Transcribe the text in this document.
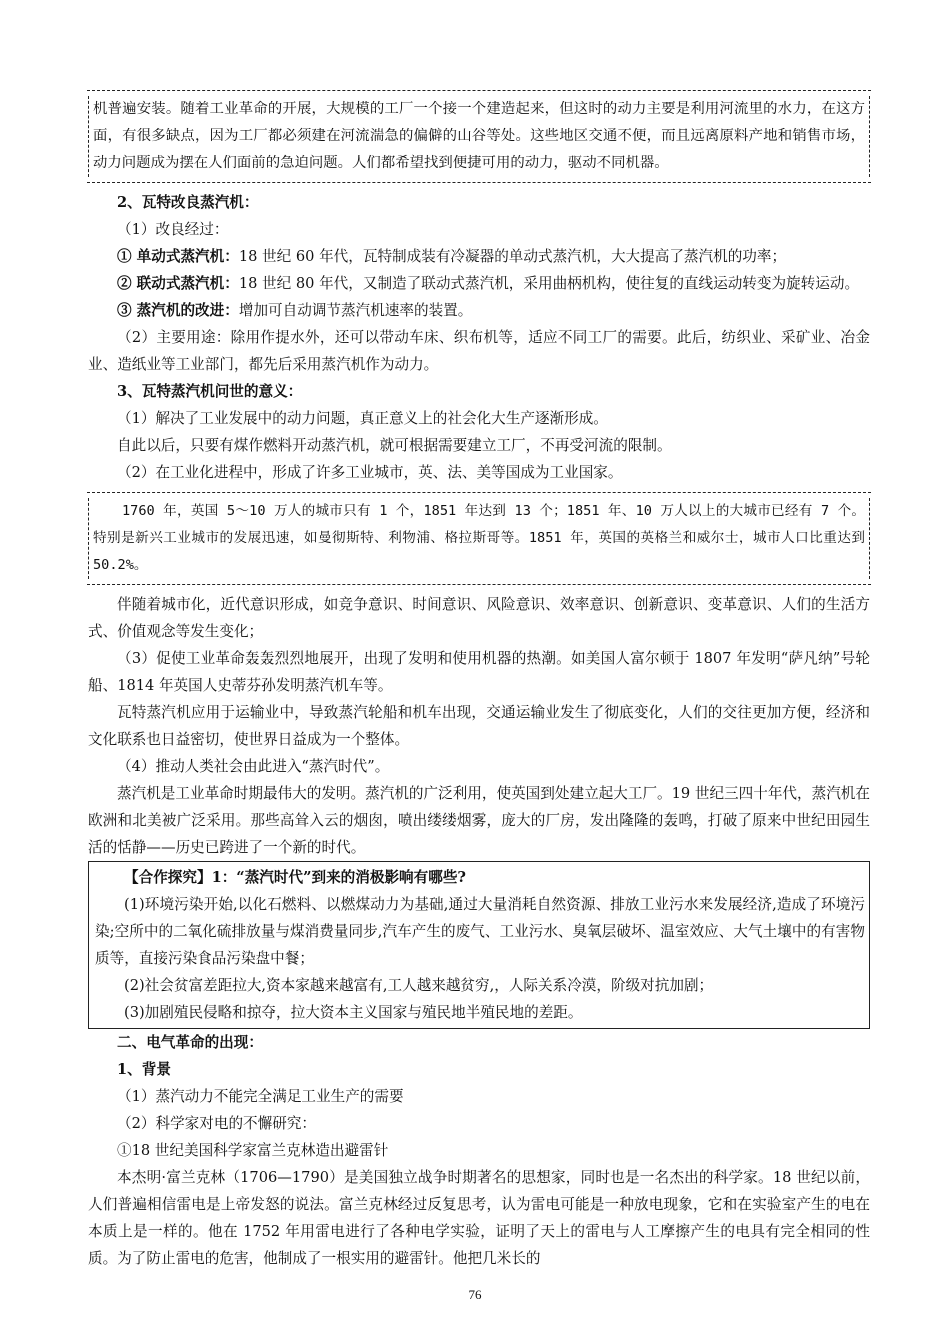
机普遍安装。随着工业革命的开展，大规模的工厂一个接一个建造起来，但这时的动力主要是利用河流里的水力，在这方面，有很多缺点，因为工厂都必须建在河流湍急的偏僻的山谷等处。这些地区交通不便，而且远离原料产地和销售市场，动力问题成为摆在人们面前的急迫问题。人们都希望找到便捷可用的动力，驱动不同机器。

2、瓦特改良蒸汽机：

（1）改良经过：

① 单动式蒸汽机：18 世纪 60 年代，瓦特制成装有冷凝器的单动式蒸汽机，大大提高了蒸汽机的功率；

② 联动式蒸汽机：18 世纪 80 年代，又制造了联动式蒸汽机，采用曲柄机构，使往复的直线运动转变为旋转运动。

③ 蒸汽机的改进：增加可自动调节蒸汽机速率的装置。

（2）主要用途：除用作提水外，还可以带动车床、织布机等，适应不同工厂的需要。此后，纺织业、采矿业、冶金业、造纸业等工业部门，都先后采用蒸汽机作为动力。

3、瓦特蒸汽机问世的意义：

（1）解决了工业发展中的动力问题，真正意义上的社会化大生产逐渐形成。

自此以后，只要有煤作燃料开动蒸汽机，就可根据需要建立工厂，不再受河流的限制。

（2）在工业化进程中，形成了许多工业城市，英、法、美等国成为工业国家。

1760 年，英国 5～10 万人的城市只有 1 个，1851 年达到 13 个；1851 年、10 万人以上的大城市已经有 7 个。特别是新兴工业城市的发展迅速，如曼彻斯特、利物浦、格拉斯哥等。1851 年，英国的英格兰和威尔士，城市人口比重达到 50.2%。

伴随着城市化，近代意识形成，如竞争意识、时间意识、风险意识、效率意识、创新意识、变革意识、人们的生活方式、价值观念等发生变化；

（3）促使工业革命轰轰烈烈地展开，出现了发明和使用机器的热潮。如美国人富尔顿于 1807 年发明“萨凡纳”号轮船、1814 年英国人史蒂芬孙发明蒸汽机车等。

瓦特蒸汽机应用于运输业中，导致蒸汽轮船和机车出现，交通运输业发生了彻底变化，人们的交往更加方便，经济和文化联系也日益密切，使世界日益成为一个整体。

（4）推动人类社会由此进入“蒸汽时代”。

蒸汽机是工业革命时期最伟大的发明。蒸汽机的广泛利用，使英国到处建立起大工厂。19 世纪三四十年代，蒸汽机在欧洲和北美被广泛采用。那些高耸入云的烟囱，喷出缕缕烟雾，庞大的厂房，发出隆隆的轰鸣，打破了原来中世纪田园生活的恬静——历史已跨进了一个新的时代。

【合作探究】1：“蒸汽时代”到来的消极影响有哪些?

(1)环境污染开始,以化石燃料、以燃煤动力为基础,通过大量消耗自然资源、排放工业污水来发展经济,造成了环境污染;空所中的二氧化硫排放量与煤消费量同步,汽车产生的废气、工业污水、臭氧层破坏、温室效应、大气土壤中的有害物质等，直接污染食品污染盘中餐；

(2)社会贫富差距拉大,资本家越来越富有,工人越来越贫穷,，人际关系冷漠，阶级对抗加剧；

(3)加剧殖民侵略和掠夺，拉大资本主义国家与殖民地半殖民地的差距。

二、电气革命的出现：

1、背景

（1）蒸汽动力不能完全满足工业生产的需要

（2）科学家对电的不懈研究：

①18 世纪美国科学家富兰克林造出避雷针

本杰明·富兰克林（1706—1790）是美国独立战争时期著名的思想家，同时也是一名杰出的科学家。18 世纪以前，人们普遍相信雷电是上帝发怒的说法。富兰克林经过反复思考，认为雷电可能是一种放电现象，它和在实验室产生的电在本质上是一样的。他在 1752 年用雷电进行了各种电学实验，证明了天上的雷电与人工摩擦产生的电具有完全相同的性质。为了防止雷电的危害，他制成了一根实用的避雷针。他把几米长的

76
